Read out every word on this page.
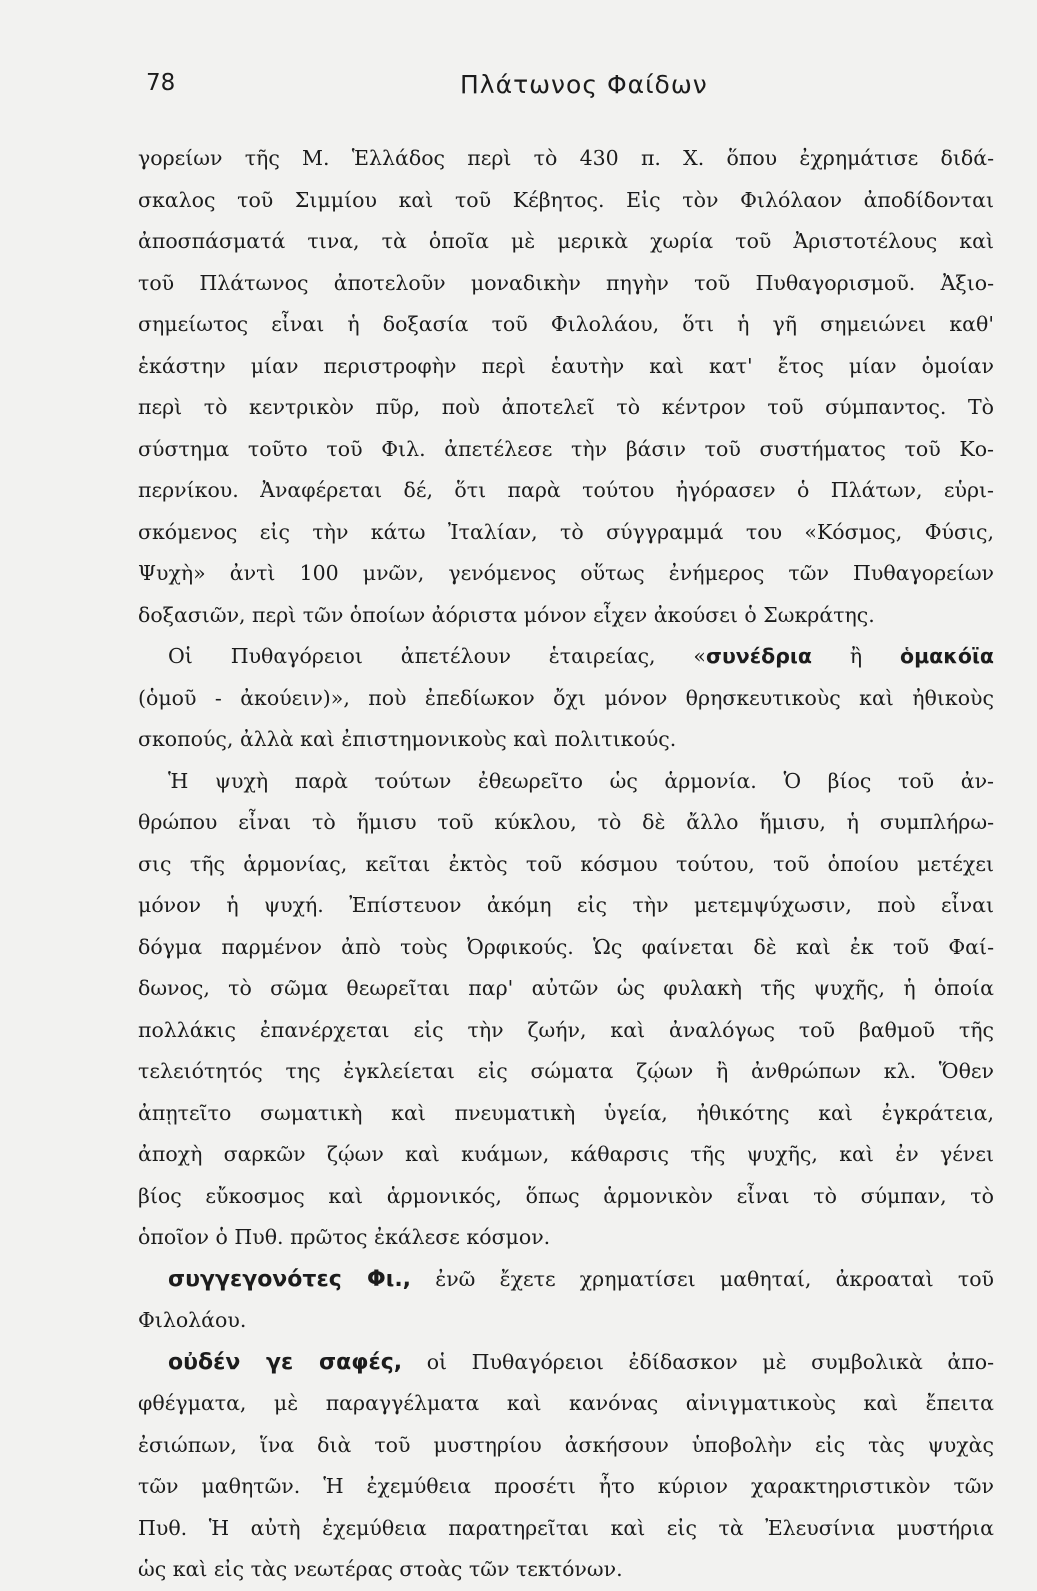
78	Πλάτωνος Φαίδων
γορείων τῆς Μ. Ἑλλάδος περὶ τὸ 430 π. Χ. ὅπου ἐχρημάτισε διδά-
σκαλος τοῦ Σιμμίου καὶ τοῦ Κέβητος. Εἰς τὸν Φιλόλαον ἀποδίδονται
ἀποσπάσματά τινα, τὰ ὁποῖα μὲ μερικὰ χωρία τοῦ Ἀριστοτέλους καὶ
τοῦ Πλάτωνος ἀποτελοῦν μοναδικὴν πηγὴν τοῦ Πυθαγορισμοῦ. Ἀξιο-
σημείωτος εἶναι ἡ δοξασία τοῦ Φιλολάου, ὅτι ἡ γῆ σημειώνει καθ'
ἑκάστην μίαν περιστροφὴν περὶ ἑαυτὴν καὶ κατ' ἔτος μίαν ὁμοίαν
περὶ τὸ κεντρικὸν πῦρ, ποὺ ἀποτελεῖ τὸ κέντρον τοῦ σύμπαντος. Τὸ
σύστημα τοῦτο τοῦ Φιλ. ἀπετέλεσε τὴν βάσιν τοῦ συστήματος τοῦ Κο-
περνίκου. Ἀναφέρεται δέ, ὅτι παρὰ τούτου ἠγόρασεν ὁ Πλάτων, εὑρι-
σκόμενος εἰς τὴν κάτω Ἰταλίαν, τὸ σύγγραμμά του «Κόσμος, Φύσις,
Ψυχὴ» ἀντὶ 100 μνῶν, γενόμενος οὕτως ἐνήμερος τῶν Πυθαγορείων
δοξασιῶν, περὶ τῶν ὁποίων ἀόριστα μόνον εἶχεν ἀκούσει ὁ Σωκράτης.
Οἱ Πυθαγόρειοι ἀπετέλουν ἑταιρείας, «συνέδρια ἢ ὁμακόϊα
(ὁμοῦ - ἀκούειν)», ποὺ ἐπεδίωκον ὄχι μόνον θρησκευτικοὺς καὶ ἠθικοὺς
σκοπούς, ἀλλὰ καὶ ἐπιστημονικοὺς καὶ πολιτικούς.
Ἡ ψυχὴ παρὰ τούτων ἐθεωρεῖτο ὡς ἁρμονία. Ὁ βίος τοῦ ἀν-
θρώπου εἶναι τὸ ἥμισυ τοῦ κύκλου, τὸ δὲ ἄλλο ἥμισυ, ἡ συμπλήρω-
σις τῆς ἁρμονίας, κεῖται ἐκτὸς τοῦ κόσμου τούτου, τοῦ ὁποίου μετέχει
μόνον ἡ ψυχή. Ἐπίστευον ἀκόμη εἰς τὴν μετεμψύχωσιν, ποὺ εἶναι
δόγμα παρμένον ἀπὸ τοὺς Ὀρφικούς. Ὡς φαίνεται δὲ καὶ ἐκ τοῦ Φαί-
δωνος, τὸ σῶμα θεωρεῖται παρ' αὐτῶν ὡς φυλακὴ τῆς ψυχῆς, ἡ ὁποία
πολλάκις ἐπανέρχεται εἰς τὴν ζωήν, καὶ ἀναλόγως τοῦ βαθμοῦ τῆς
τελειότητός της ἐγκλείεται εἰς σώματα ζῴων ἢ ἀνθρώπων κλ. Ὅθεν
ἀπῃτεῖτο σωματικὴ καὶ πνευματικὴ ὑγεία, ἠθικότης καὶ ἐγκράτεια,
ἀποχὴ σαρκῶν ζῴων καὶ κυάμων, κάθαρσις τῆς ψυχῆς, καὶ ἐν γένει
βίος εὔκοσμος καὶ ἁρμονικός, ὅπως ἁρμονικὸν εἶναι τὸ σύμπαν, τὸ
ὁποῖον ὁ Πυθ. πρῶτος ἐκάλεσε κόσμον.
συγγεγονότες Φι., ἐνῶ ἔχετε χρηματίσει μαθηταί, ἀκροαταὶ τοῦ
Φιλολάου.
οὐδέν γε σαφές, οἱ Πυθαγόρειοι ἐδίδασκον μὲ συμβολικὰ ἀπο-
φθέγματα, μὲ παραγγέλματα καὶ κανόνας αἰνιγματικοὺς καὶ ἔπειτα
ἐσιώπων, ἵνα διὰ τοῦ μυστηρίου ἀσκήσουν ὑποβολὴν εἰς τὰς ψυχὰς
τῶν μαθητῶν. Ἡ ἐχεμύθεια προσέτι ἦτο κύριον χαρακτηριστικὸν τῶν
Πυθ. Ἡ αὐτὴ ἐχεμύθεια παρατηρεῖται καὶ εἰς τὰ Ἐλευσίνια μυστήρια
ὡς καὶ εἰς τὰς νεωτέρας στοὰς τῶν τεκτόνων.
